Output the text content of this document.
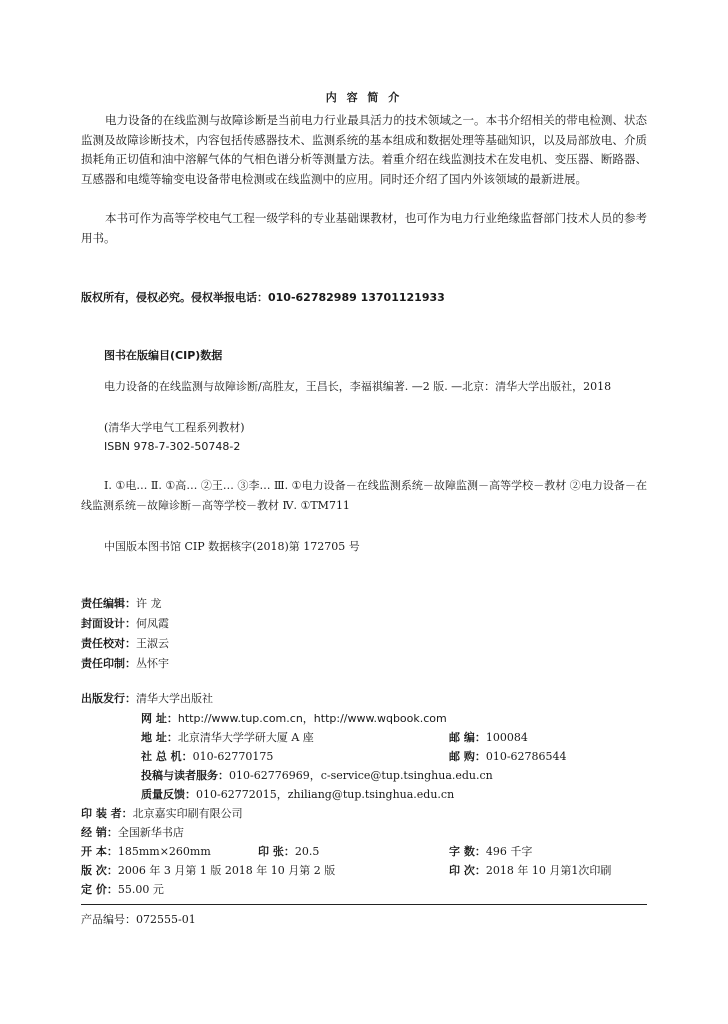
内 容 简 介
电力设备的在线监测与故障诊断是当前电力行业最具活力的技术领域之一。本书介绍相关的带电检测、状态监测及故障诊断技术，内容包括传感器技术、监测系统的基本组成和数据处理等基础知识，以及局部放电、介质损耗角正切值和油中溶解气体的气相色谱分析等测量方法。着重介绍在线监测技术在发电机、变压器、断路器、互感器和电缆等输变电设备带电检测或在线监测中的应用。同时还介绍了国内外该领域的最新进展。
本书可作为高等学校电气工程一级学科的专业基础课教材，也可作为电力行业绝缘监督部门技术人员的参考用书。
版权所有，侵权必究。侵权举报电话：010-62782989 13701121933
图书在版编目(CIP)数据
电力设备的在线监测与故障诊断/高胜友，王昌长，李福祺编著. —2 版. —北京：清华大学出版社，2018
(清华大学电气工程系列教材)
ISBN 978-7-302-50748-2
Ⅰ. ①电… Ⅱ. ①高… ②王… ③李… Ⅲ. ①电力设备－在线监测系统－故障监测－高等学校－教材 ②电力设备－在线监测系统－故障诊断－高等学校－教材 Ⅳ. ①TM711
中国版本图书馆 CIP 数据核字(2018)第 172705 号
责任编辑：许 龙
封面设计：何凤霞
责任校对：王淑云
责任印制：丛怀宇
出版发行：清华大学出版社
网 址：http://www.tup.com.cn，http://www.wqbook.com
地 址：北京清华大学学研大厦 A 座	邮 编：100084
社 总 机：010-62770175	邮 购：010-62786544
投稿与读者服务：010-62776969，c-service@tup.tsinghua.edu.cn
质量反馈：010-62772015，zhiliang@tup.tsinghua.edu.cn
印 装 者：北京嘉实印刷有限公司
经 销：全国新华书店
开 本：185mm×260mm	印 张：20.5	字 数：496 千字
版 次：2006 年 3 月第 1 版 2018 年 10 月第 2 版	印 次：2018 年 10 月第1次印刷
定 价：55.00 元
产品编号：072555-01
